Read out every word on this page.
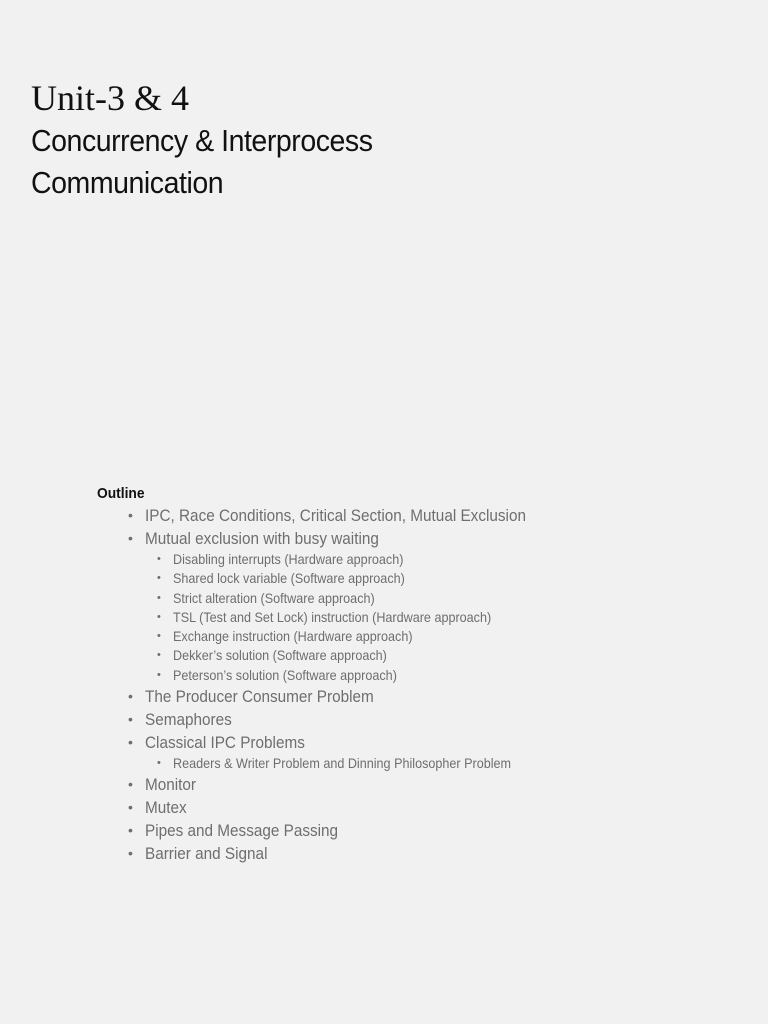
Unit-3 & 4
Concurrency & Interprocess
Communication
Outline
• IPC, Race Conditions, Critical Section, Mutual Exclusion
• Mutual exclusion with busy waiting
• Disabling interrupts (Hardware approach)
• Shared lock variable (Software approach)
• Strict alteration (Software approach)
• TSL (Test and Set Lock) instruction (Hardware approach)
• Exchange instruction (Hardware approach)
• Dekker’s solution (Software approach)
• Peterson’s solution (Software approach)
• The Producer Consumer Problem
• Semaphores
• Classical IPC Problems
• Readers & Writer Problem and Dinning Philosopher Problem
• Monitor
• Mutex
• Pipes and Message Passing
• Barrier and Signal
